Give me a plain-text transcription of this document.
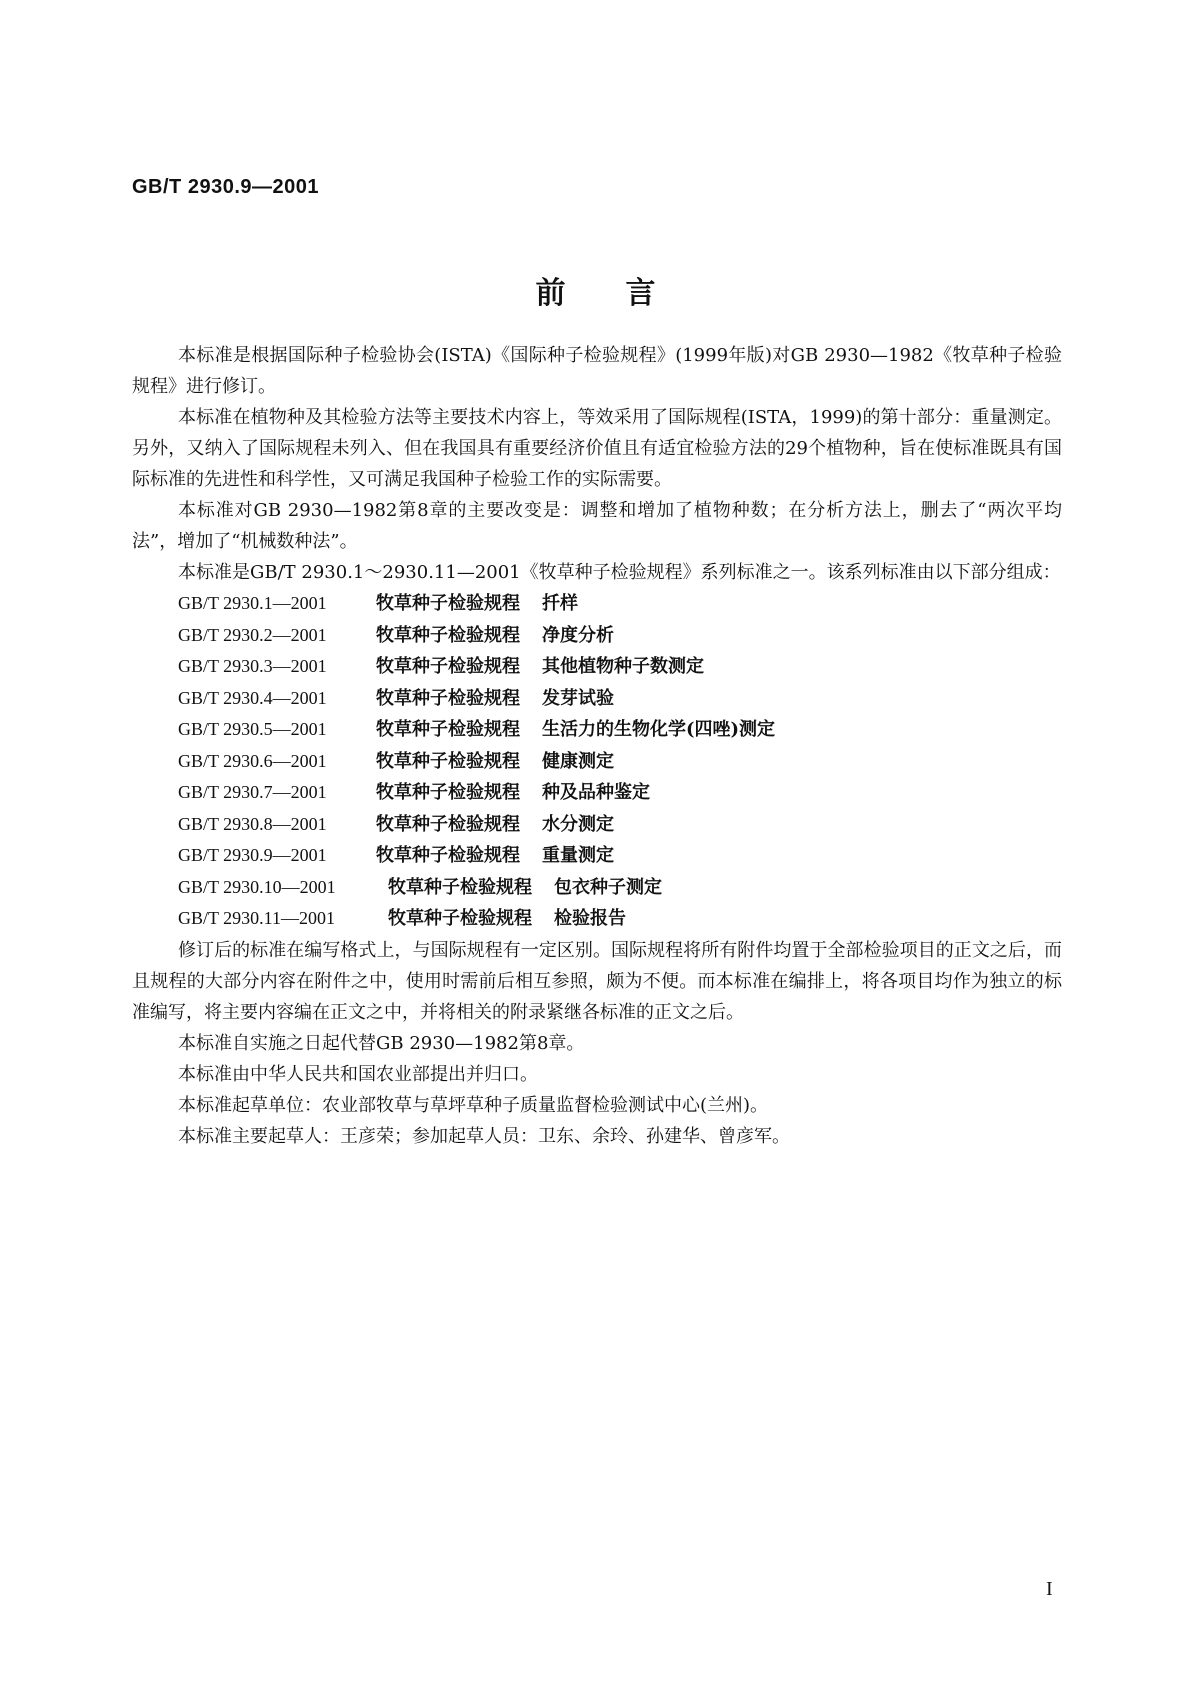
GB/T 2930.9—2001
前言

本标准是根据国际种子检验协会(ISTA)《国际种子检验规程》(1999年版)对GB 2930—1982《牧草种子检验规程》进行修订。

本标准在植物种及其检验方法等主要技术内容上，等效采用了国际规程(ISTA，1999)的第十部分：重量测定。另外，又纳入了国际规程未列入、但在我国具有重要经济价值且有适宜检验方法的29个植物种，旨在使标准既具有国际标准的先进性和科学性，又可满足我国种子检验工作的实际需要。

本标准对GB 2930—1982第8章的主要改变是：调整和增加了植物种数；在分析方法上，删去了“两次平均法”，增加了“机械数种法”。

本标准是GB/T 2930.1～2930.11—2001《牧草种子检验规程》系列标准之一。该系列标准由以下部分组成：

GB/T 2930.1—2001	牧草种子检验规程	扦样
GB/T 2930.2—2001	牧草种子检验规程	净度分析
GB/T 2930.3—2001	牧草种子检验规程	其他植物种子数测定
GB/T 2930.4—2001	牧草种子检验规程	发芽试验
GB/T 2930.5—2001	牧草种子检验规程	生活力的生物化学(四唑)测定
GB/T 2930.6—2001	牧草种子检验规程	健康测定
GB/T 2930.7—2001	牧草种子检验规程	种及品种鉴定
GB/T 2930.8—2001	牧草种子检验规程	水分测定
GB/T 2930.9—2001	牧草种子检验规程	重量测定
GB/T 2930.10—2001	牧草种子检验规程	包衣种子测定
GB/T 2930.11—2001	牧草种子检验规程	检验报告

修订后的标准在编写格式上，与国际规程有一定区别。国际规程将所有附件均置于全部检验项目的正文之后，而且规程的大部分内容在附件之中，使用时需前后相互参照，颇为不便。而本标准在编排上，将各项目均作为独立的标准编写，将主要内容编在正文之中，并将相关的附录紧继各标准的正文之后。

本标准自实施之日起代替GB 2930—1982第8章。

本标准由中华人民共和国农业部提出并归口。

本标准起草单位：农业部牧草与草坪草种子质量监督检验测试中心(兰州)。

本标准主要起草人：王彦荣；参加起草人员：卫东、余玲、孙建华、曾彦军。

I
